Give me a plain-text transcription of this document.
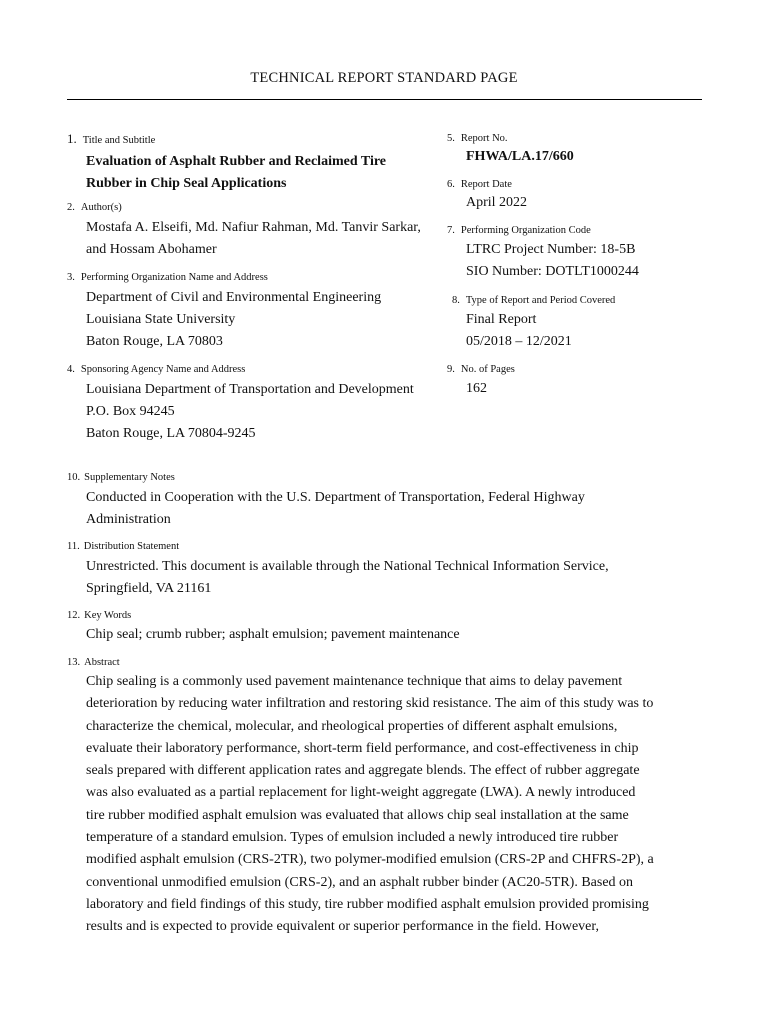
TECHNICAL REPORT STANDARD PAGE
1. Title and Subtitle
Evaluation of Asphalt Rubber and Reclaimed Tire
Rubber in Chip Seal Applications
2. Author(s)
Mostafa A. Elseifi, Md. Nafiur Rahman, Md. Tanvir Sarkar,
and Hossam Abohamer
3. Performing Organization Name and Address
Department of Civil and Environmental Engineering
Louisiana State University
Baton Rouge, LA 70803
4. Sponsoring Agency Name and Address
Louisiana Department of Transportation and Development
P.O. Box 94245
Baton Rouge, LA 70804-9245
5. Report No.
FHWA/LA.17/660
6. Report Date
April 2022
7. Performing Organization Code
LTRC Project Number: 18-5B
SIO Number: DOTLT1000244
8. Type of Report and Period Covered
Final Report
05/2018 – 12/2021
9. No. of Pages
162
10. Supplementary Notes
Conducted in Cooperation with the U.S. Department of Transportation, Federal Highway
Administration
11. Distribution Statement
Unrestricted. This document is available through the National Technical Information Service,
Springfield, VA 21161
12. Key Words
Chip seal; crumb rubber; asphalt emulsion; pavement maintenance
13. Abstract
Chip sealing is a commonly used pavement maintenance technique that aims to delay pavement
deterioration by reducing water infiltration and restoring skid resistance. The aim of this study was to
characterize the chemical, molecular, and rheological properties of different asphalt emulsions,
evaluate their laboratory performance, short-term field performance, and cost-effectiveness in chip
seals prepared with different application rates and aggregate blends. The effect of rubber aggregate
was also evaluated as a partial replacement for light-weight aggregate (LWA). A newly introduced
tire rubber modified asphalt emulsion was evaluated that allows chip seal installation at the same
temperature of a standard emulsion. Types of emulsion included a newly introduced tire rubber
modified asphalt emulsion (CRS-2TR), two polymer-modified emulsion (CRS-2P and CHFRS-2P), a
conventional unmodified emulsion (CRS-2), and an asphalt rubber binder (AC20-5TR). Based on
laboratory and field findings of this study, tire rubber modified asphalt emulsion provided promising
results and is expected to provide equivalent or superior performance in the field. However,
